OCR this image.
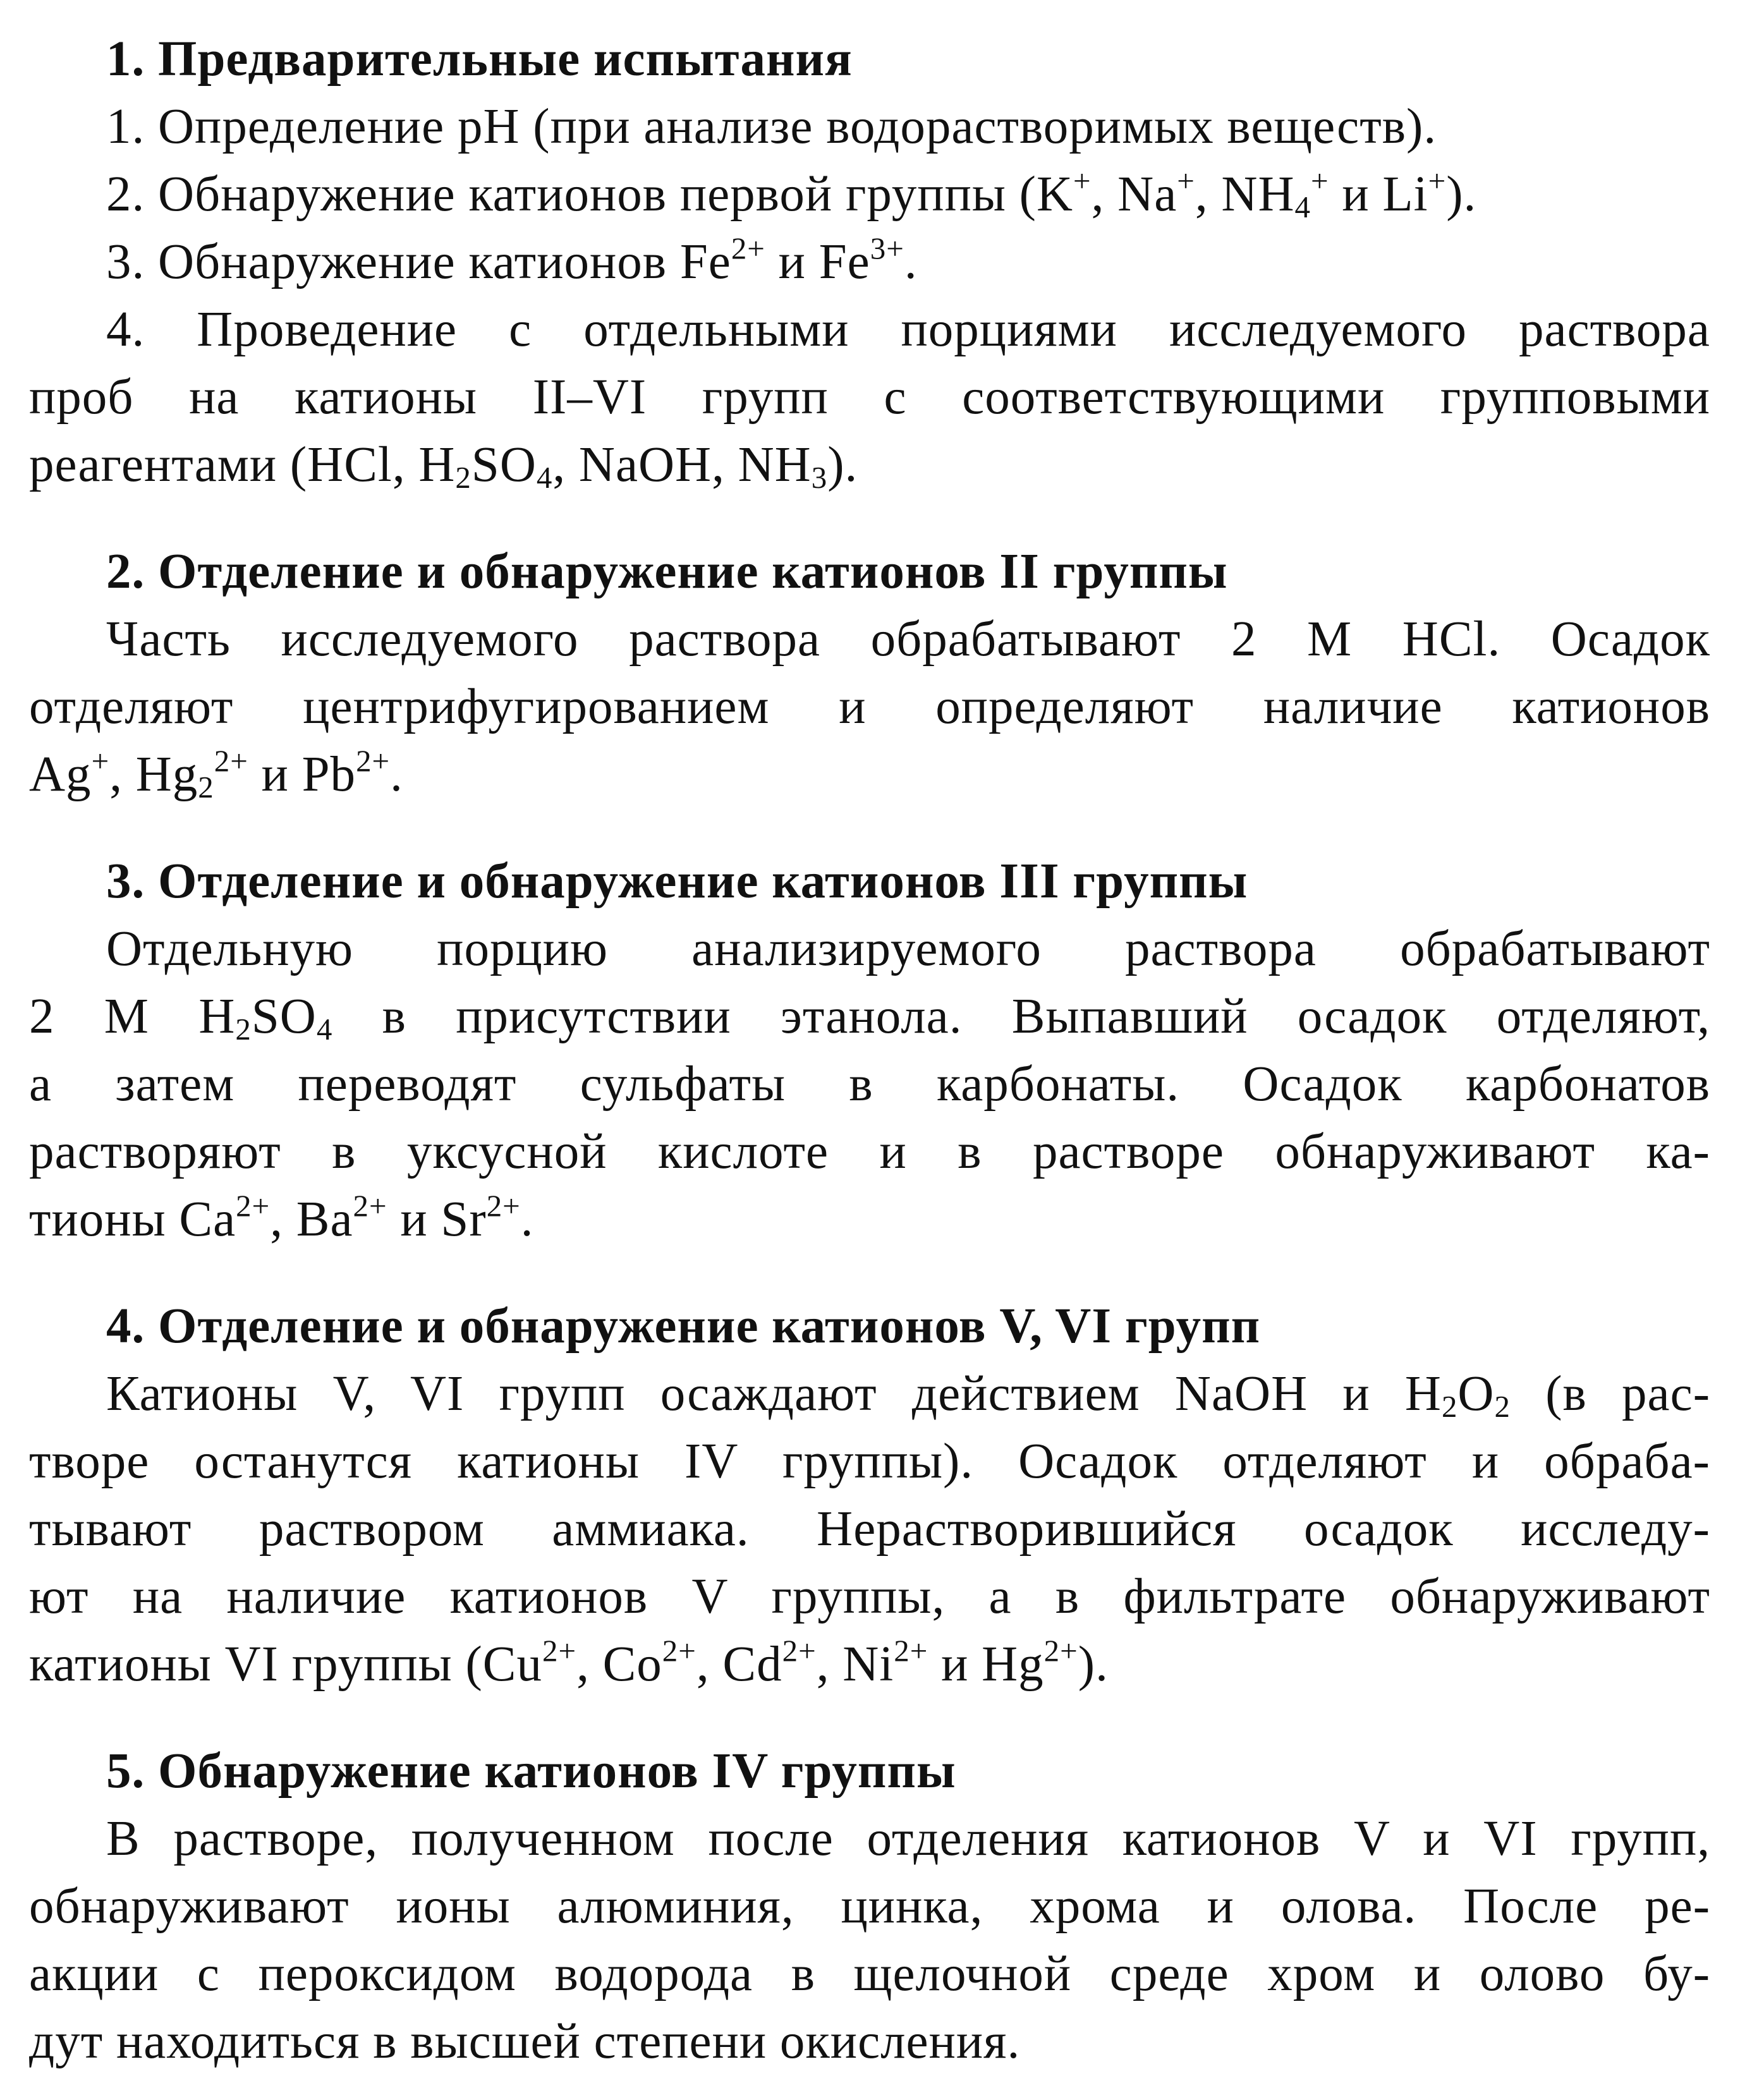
1. Предварительные испытания
1. Определение рН (при анализе водорастворимых веществ).
2. Обнаружение катионов первой группы (K+, Na+, $NH_4^+$ и Li+).
3. Обнаружение катионов $Fe^{2+}$ и $Fe^{3+}$.
4. Проведение с отдельными порциями исследуемого раствора
проб на катионы II–VI групп с соответствующими групповыми
реагентами (HCl, $H_2SO_4$, NaOH, $NH_3$).
2. Отделение и обнаружение катионов II группы
Часть исследуемого раствора обрабатывают 2 М HCl. Осадок
отделяют центрифугированием и определяют наличие катионов
Ag+, $Hg_2^{2+}$ и $Pb^{2+}$.
3. Отделение и обнаружение катионов III группы
Отдельную порцию анализируемого раствора обрабатывают
2 М $H_2SO_4$ в присутствии этанола. Выпавший осадок отделяют,
а затем переводят сульфаты в карбонаты. Осадок карбонатов
растворяют в уксусной кислоте и в растворе обнаруживают ка-
тионы $Ca^{2+}$, $Ba^{2+}$ и $Sr^{2+}$.
4. Отделение и обнаружение катионов V, VI групп
Катионы V, VI групп осаждают действием NaOH и $H_2O_2$ (в рас-
творе останутся катионы IV группы). Осадок отделяют и обраба-
тывают раствором аммиака. Нерастворившийся осадок исследу-
ют на наличие катионов V группы, а в фильтрате обнаруживают
катионы VI группы ($Cu^{2+}$, $Co^{2+}$, $Cd^{2+}$, $Ni^{2+}$ и $Hg^{2+}$).
5. Обнаружение катионов IV группы
В растворе, полученном после отделения катионов V и VI групп,
обнаруживают ионы алюминия, цинка, хрома и олова. После ре-
акции с пероксидом водорода в щелочной среде хром и олово бу-
дут находиться в высшей степени окисления.
